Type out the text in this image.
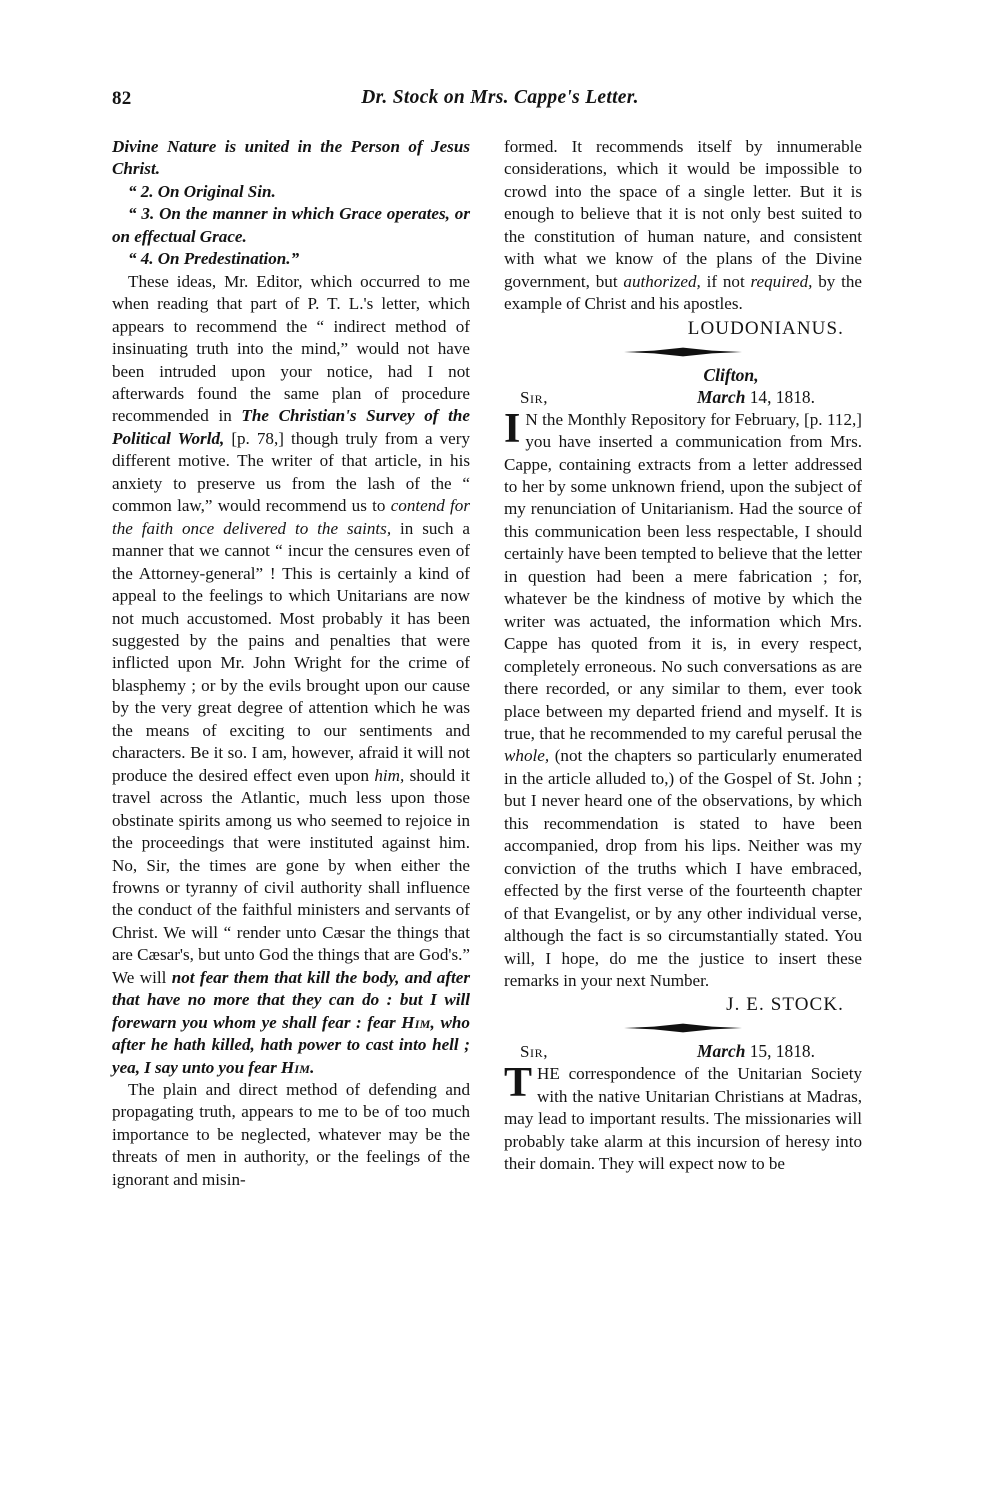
82	Dr. Stock on Mrs. Cappe's Letter.

Divine Nature is united in the Person of Jesus Christ.

“ 2. On Original Sin.

“ 3. On the manner in which Grace operates, or on effectual Grace.

“ 4. On Predestination.”

These ideas, Mr. Editor, which occurred to me when reading that part of P. T. L.'s letter, which appears to recommend the “ indirect method of insinuating truth into the mind,” would not have been intruded upon your notice, had I not afterwards found the same plan of procedure recommended in The Christian's Survey of the Political World, [p. 78,] though truly from a very different motive. The writer of that article, in his anxiety to preserve us from the lash of the “ common law,” would recommend us to contend for the faith once delivered to the saints, in such a manner that we cannot “ incur the censures even of the Attorney-general” ! This is certainly a kind of appeal to the feelings to which Unitarians are now not much accustomed. Most probably it has been suggested by the pains and penalties that were inflicted upon Mr. John Wright for the crime of blasphemy ; or by the evils brought upon our cause by the very great degree of attention which he was the means of exciting to our sentiments and characters. Be it so. I am, however, afraid it will not produce the desired effect even upon him, should it travel across the Atlantic, much less upon those obstinate spirits among us who seemed to rejoice in the proceedings that were instituted against him. No, Sir, the times are gone by when either the frowns or tyranny of civil authority shall influence the conduct of the faithful ministers and servants of Christ. We will “ render unto Cæsar the things that are Cæsar's, but unto God the things that are God's.” We will not fear them that kill the body, and after that have no more that they can do : but I will forewarn you whom ye shall fear : fear Him, who after he hath killed, hath power to cast into hell ; yea, I say unto you fear Him.

The plain and direct method of defending and propagating truth, appears to me to be of too much importance to be neglected, whatever may be the threats of men in authority, or the feelings of the ignorant and misin-

formed. It recommends itself by innumerable considerations, which it would be impossible to crowd into the space of a single letter. But it is enough to believe that it is not only best suited to the constitution of human nature, and consistent with what we know of the plans of the Divine government, but authorized, if not required, by the example of Christ and his apostles.

LOUDONIANUS.
Clifton,
Sir,	March 14, 1818.
I N the Monthly Repository for February, [p. 112,] you have inserted a communication from Mrs. Cappe, containing extracts from a letter addressed to her by some unknown friend, upon the subject of my renunciation of Unitarianism. Had the source of this communication been less respectable, I should certainly have been tempted to believe that the letter in question had been a mere fabrication ; for, whatever be the kindness of motive by which the writer was actuated, the information which Mrs. Cappe has quoted from it is, in every respect, completely erroneous. No such conversations as are there recorded, or any similar to them, ever took place between my departed friend and myself. It is true, that he recommended to my careful perusal the whole, (not the chapters so particularly enumerated in the article alluded to,) of the Gospel of St. John ; but I never heard one of the observations, by which this recommendation is stated to have been accompanied, drop from his lips. Neither was my conviction of the truths which I have embraced, effected by the first verse of the fourteenth chapter of that Evangelist, or by any other individual verse, although the fact is so circumstantially stated. You will, I hope, do me the justice to insert these remarks in your next Number.

J. E. STOCK.
Sir,	March 15, 1818.
T HE correspondence of the Unitarian Society with the native Unitarian Christians at Madras, may lead to important results. The missionaries will probably take alarm at this incursion of heresy into their domain. They will expect now to be
